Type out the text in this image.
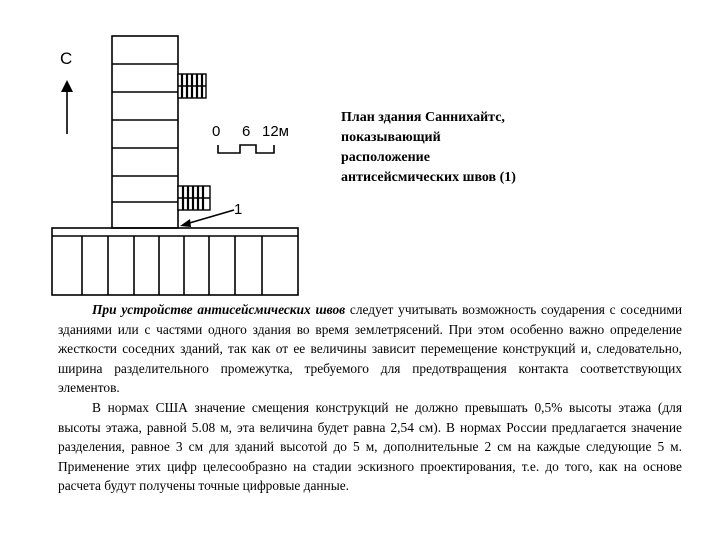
С
1
0 6 12м
План здания Саннихайтс,
показывающий
расположение
антисейсмических швов (1)

При устройстве антисейсмических швов следует учитывать возможность соударения с соседними зданиями или с частями одного здания во время землетрясений. При этом особенно важно определение жесткости соседних зданий, так как от ее величины зависит перемещение конструкций и, следовательно, ширина разделительного промежутка, требуемого для предотвращения контакта соответствующих элементов.

В нормах США значение смещения конструкций не должно превышать 0,5% высоты этажа (для высоты этажа, равной 5.08 м, эта величина будет равна 2,54 см). В нормах России предлагается значение разделения, равное 3 см для зданий высотой до 5 м, дополнительные 2 см на каждые следующие 5 м. Применение этих цифр целесообразно на стадии эскизного проектирования, т.е. до того, как на основе расчета будут получены точные цифровые данные.
